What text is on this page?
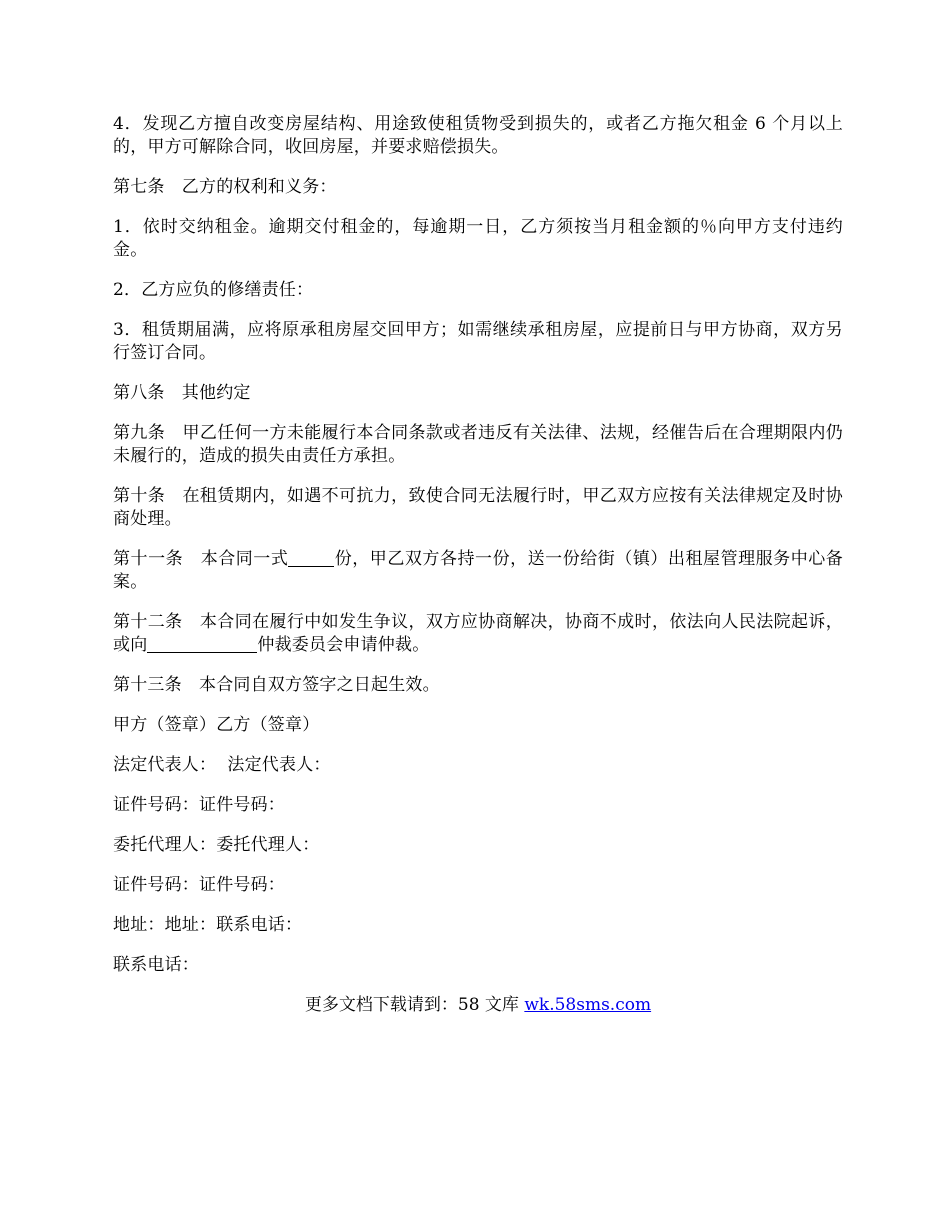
4．发现乙方擅自改变房屋结构、用途致使租赁物受到损失的，或者乙方拖欠租金 6 个月以上的，甲方可解除合同，收回房屋，并要求赔偿损失。

第七条　乙方的权利和义务：

1．依时交纳租金。逾期交付租金的，每逾期一日，乙方须按当月租金额的％向甲方支付违约金。

2．乙方应负的修缮责任：

3．租赁期届满，应将原承租房屋交回甲方；如需继续承租房屋，应提前日与甲方协商，双方另行签订合同。

第八条　其他约定

第九条　甲乙任何一方未能履行本合同条款或者违反有关法律、法规，经催告后在合理期限内仍未履行的，造成的损失由责任方承担。

第十条　在租赁期内，如遇不可抗力，致使合同无法履行时，甲乙双方应按有关法律规定及时协商处理。

第十一条　本合同一式	份，甲乙双方各持一份，送一份给街（镇）出租屋管理服务中心备案。

第十二条　本合同在履行中如发生争议，双方应协商解决，协商不成时，依法向人民法院起诉，或向	仲裁委员会申请仲裁。

第十三条　本合同自双方签字之日起生效。

甲方（签章）乙方（签章）

法定代表人：  法定代表人：

证件号码：证件号码：

委托代理人：委托代理人：

证件号码：证件号码：

地址：地址：联系电话：

联系电话：

更多文档下载请到：58 文库 wk.58sms.com
